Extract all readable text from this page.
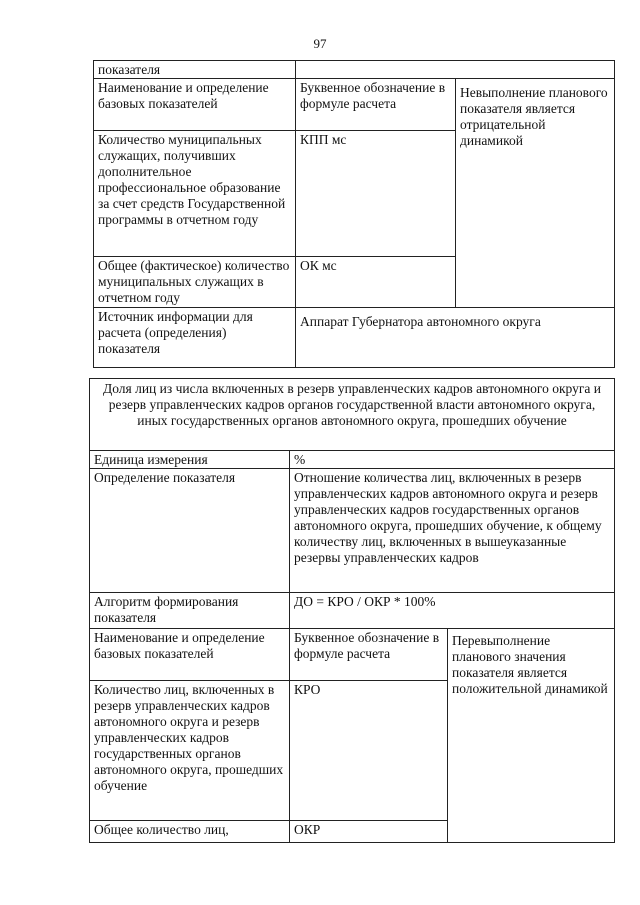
97
показателя		
Наименование и определение базовых показателей	Буквенное обозначение в формуле расчета	Невыполнение планового показателя является отрицательной динамикой
Количество муниципальных служащих, получивших дополнительное профессиональное образование за счет средств Государственной программы в отчетном году	КПП мс	
Общее (фактическое) количество муниципальных служащих в отчетном году	ОК мс	
Источник информации для расчета (определения) показателя	Аппарат Губернатора автономного округа	
Доля лиц из числа включенных в резерв управленческих кадров автономного округа и резерв управленческих кадров органов государственной власти автономного округа, иных государственных органов автономного округа, прошедших обучение		
Единица измерения	%	
Определение показателя	Отношение количества лиц, включенных в резерв управленческих кадров автономного округа и резерв управленческих кадров государственных органов автономного округа, прошедших обучение, к общему количеству лиц, включенных в вышеуказанные резервы управленческих кадров	
Алгоритм формирования показателя	ДО = КРО / ОКР * 100%	
Наименование и определение базовых показателей	Буквенное обозначение в формуле расчета	Перевыполнение планового значения показателя является положительной динамикой
Количество лиц, включенных в резерв управленческих кадров автономного округа и резерв управленческих кадров государственных органов автономного округа, прошедших обучение	КРО	
Общее количество лиц,	ОКР	
